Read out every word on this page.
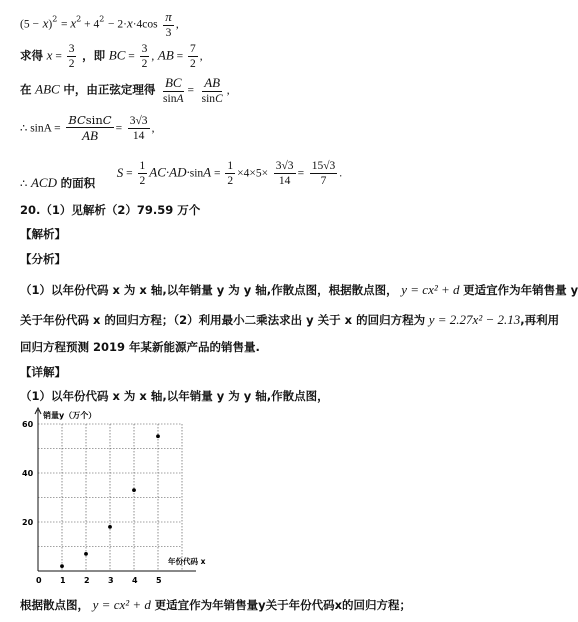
$(5 - x)^2 = x^2 + 4^2 - 2\cdot x\cdot 4\cos \frac{\pi}{3}$ ,
求得 $x = \frac{3}{2}$ ，即 BC = $\frac{3}{2}$ , AB = $\frac{7}{2}$ ,
在 ABC 中，由正弦定理得 $\frac{BC}{\sin A} = \frac{AB}{\sin C}$ ,
∴ $\sin A = \frac{BCsinC}{AB} = \frac{3√3}{14}$ ,
∴ ACD 的面积 $S = \frac{1}{2} AC\cdot AD\cdot\sin A = \frac{1}{2} \times 4\times 5\times \frac{3√3}{14} = \frac{15√3}{7}$ .
20.（1）见解析（2）79.59 万个
【解析】
【分析】
（1）以年份代码 x 为 x 轴,以年销量 y 为 y 轴,作散点图，根据散点图， y = cx² + d 更适宜作为年销售量 y
关于年份代码 x 的回归方程；（2）利用最小二乘法求出 y 关于 x 的回归方程为 y = 2.27x² − 2.13,再利用
回归方程预测 2019 年某新能源产品的销售量.
【详解】
（1）以年份代码 x 为 x 轴,以年销量 y 为 y 轴,作散点图，
0 1 2 3 4 5
20
40
60
销量y（万个）
年份代码 x
根据散点图， y = cx² + d 更适宜作为年销售量y关于年份代码x的回归方程；
